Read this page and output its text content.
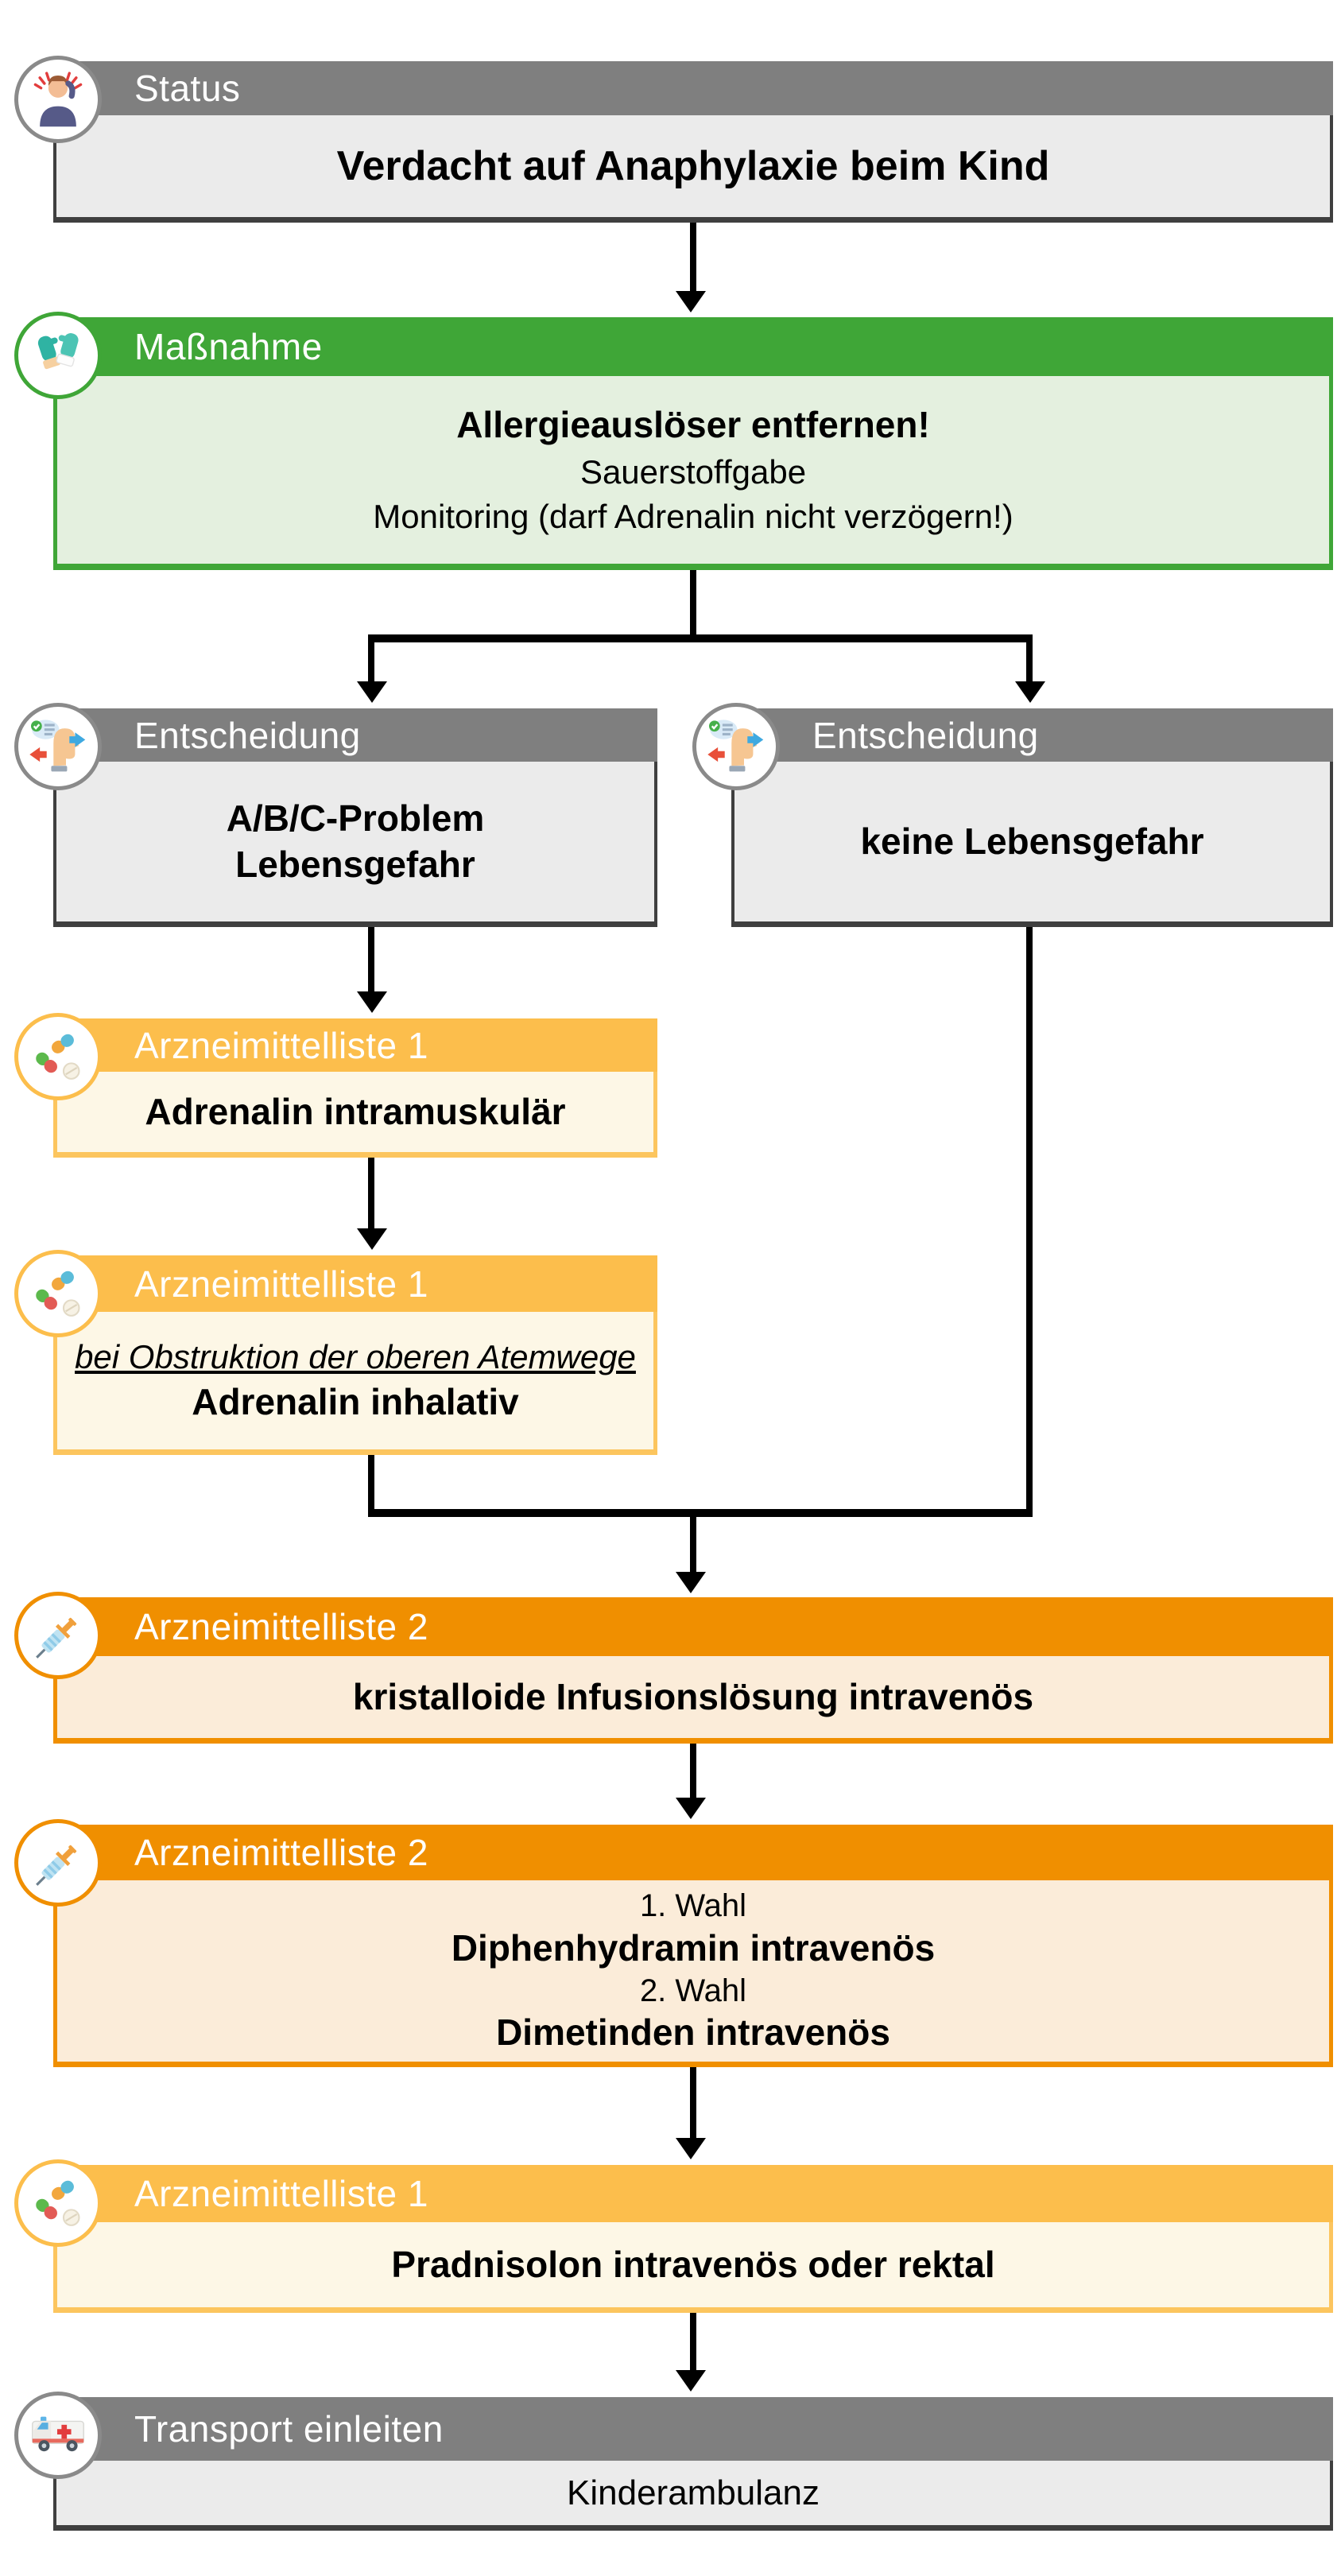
Status
Verdacht auf Anaphylaxie beim Kind
Maßnahme
Allergieauslöser entfernen!
Sauerstoffgabe
Monitoring (darf Adrenalin nicht verzögern!)
Entscheidung
A/B/C-Problem
Lebensgefahr
Entscheidung
keine Lebensgefahr
Arzneimittelliste 1
Adrenalin intramuskulär
Arzneimittelliste 1
bei Obstruktion der oberen Atemwege
Adrenalin inhalativ
Arzneimittelliste 2
kristalloide Infusionslösung intravenös
Arzneimittelliste 2
1. Wahl
Diphenhydramin intravenös
2. Wahl
Dimetinden intravenös
Arzneimittelliste 1
Pradnisolon intravenös oder rektal
Transport einleiten
Kinderambulanz
